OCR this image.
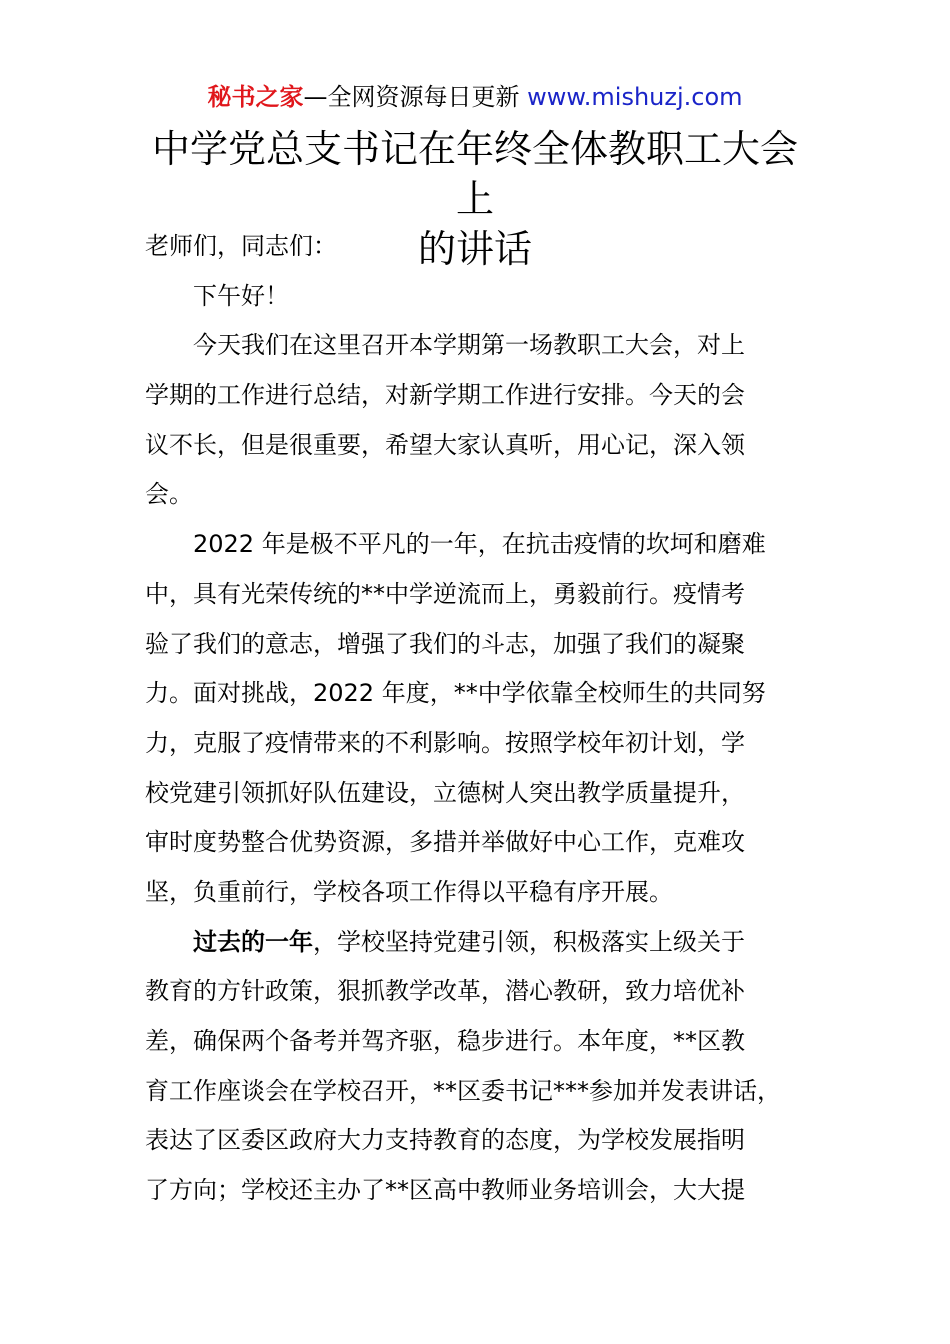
秘书之家—全网资源每日更新 www.mishuzj.com
中学党总支书记在年终全体教职工大会上
的讲话
老师们，同志们：
下午好！
今天我们在这里召开本学期第一场教职工大会，对上
学期的工作进行总结，对新学期工作进行安排。今天的会
议不长，但是很重要，希望大家认真听，用心记，深入领
会。
2022 年是极不平凡的一年，在抗击疫情的坎坷和磨难
中，具有光荣传统的**中学逆流而上，勇毅前行。疫情考
验了我们的意志，增强了我们的斗志，加强了我们的凝聚
力。面对挑战，2022 年度，**中学依靠全校师生的共同努
力，克服了疫情带来的不利影响。按照学校年初计划，学
校党建引领抓好队伍建设，立德树人突出教学质量提升，
审时度势整合优势资源，多措并举做好中心工作，克难攻
坚，负重前行，学校各项工作得以平稳有序开展。
过去的一年，学校坚持党建引领，积极落实上级关于
教育的方针政策，狠抓教学改革，潜心教研，致力培优补
差，确保两个备考并驾齐驱，稳步进行。本年度，**区教
育工作座谈会在学校召开，**区委书记***参加并发表讲话，
表达了区委区政府大力支持教育的态度，为学校发展指明
了方向；学校还主办了**区高中教师业务培训会，大大提
